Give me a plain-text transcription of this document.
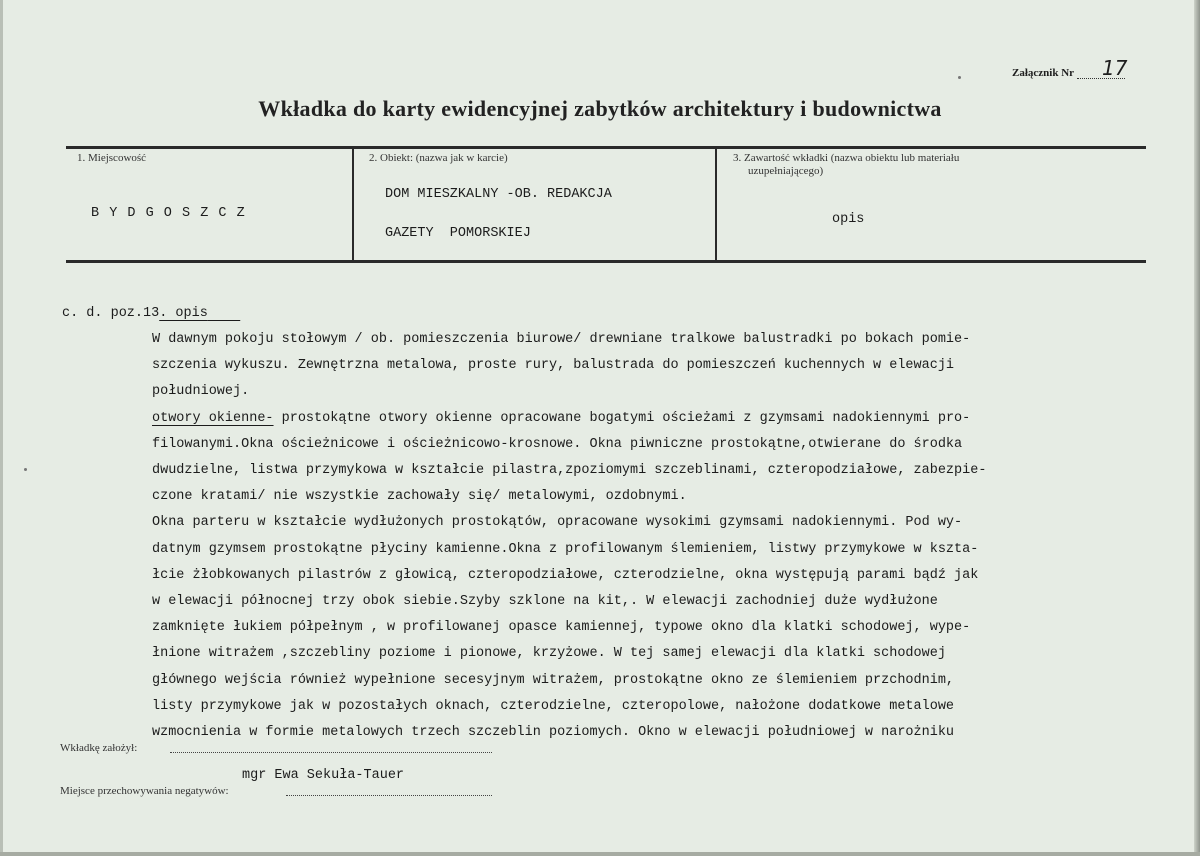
Załącznik Nr	17
Wkładka do karty ewidencyjnej zabytków architektury i budownictwa
1. Miejscowość
B Y D G O S Z C Z
2. Obiekt: (nazwa jak w karcie)
DOM MIESZKALNY -OB. REDAKCJA
GAZETY  POMORSKIEJ
3. Zawartość wkładki (nazwa obiektu lub materiału
uzupełniającego)
opis
c. d. poz.13. opis

W dawnym pokoju stołowym / ob. pomieszczenia biurowe/ drewniane tralkowe balustradki po bokach pomie-

szczenia wykuszu. Zewnętrzna metalowa, proste rury, balustrada do pomieszczeń kuchennych w elewacji

południowej.

otwory okienne- prostokątne otwory okienne opracowane bogatymi ościeżami z gzymsami nadokiennymi pro-

filowanymi.Okna ościeżnicowe i ościeżnicowo-krosnowe. Okna piwniczne prostokątne,otwierane do środka

dwudzielne, listwa przymykowa w kształcie pilastra,zpoziomymi szczeblinami, czteropodziałowe, zabezpie-

czone kratami/ nie wszystkie zachowały się/ metalowymi, ozdobnymi.

Okna parteru w kształcie wydłużonych prostokątów, opracowane wysokimi gzymsami nadokiennymi. Pod wy-

datnym gzymsem prostokątne płyciny kamienne.Okna z profilowanym ślemieniem, listwy przymykowe w kszta-

łcie żłobkowanych pilastrów z głowicą, czteropodziałowe, czterodzielne, okna występują parami bądź jak

w elewacji północnej trzy obok siebie.Szyby szklone na kit,. W elewacji zachodniej duże wydłużone

zamknięte łukiem półpełnym , w profilowanej opasce kamiennej, typowe okno dla klatki schodowej, wype-

łnione witrażem ,szczebliny poziome i pionowe, krzyżowe. W tej samej elewacji dla klatki schodowej

głównego wejścia również wypełnione secesyjnym witrażem, prostokątne okno ze ślemieniem przchodnim,

listy przymykowe jak w pozostałych oknach, czterodzielne, czteropolowe, nałożone dodatkowe metalowe

wzmocnienia w formie metalowych trzech szczeblin poziomych. Okno w elewacji południowej w narożniku

Wkładkę założył:
mgr Ewa Sekuła-Tauer
Miejsce przechowywania negatywów:
